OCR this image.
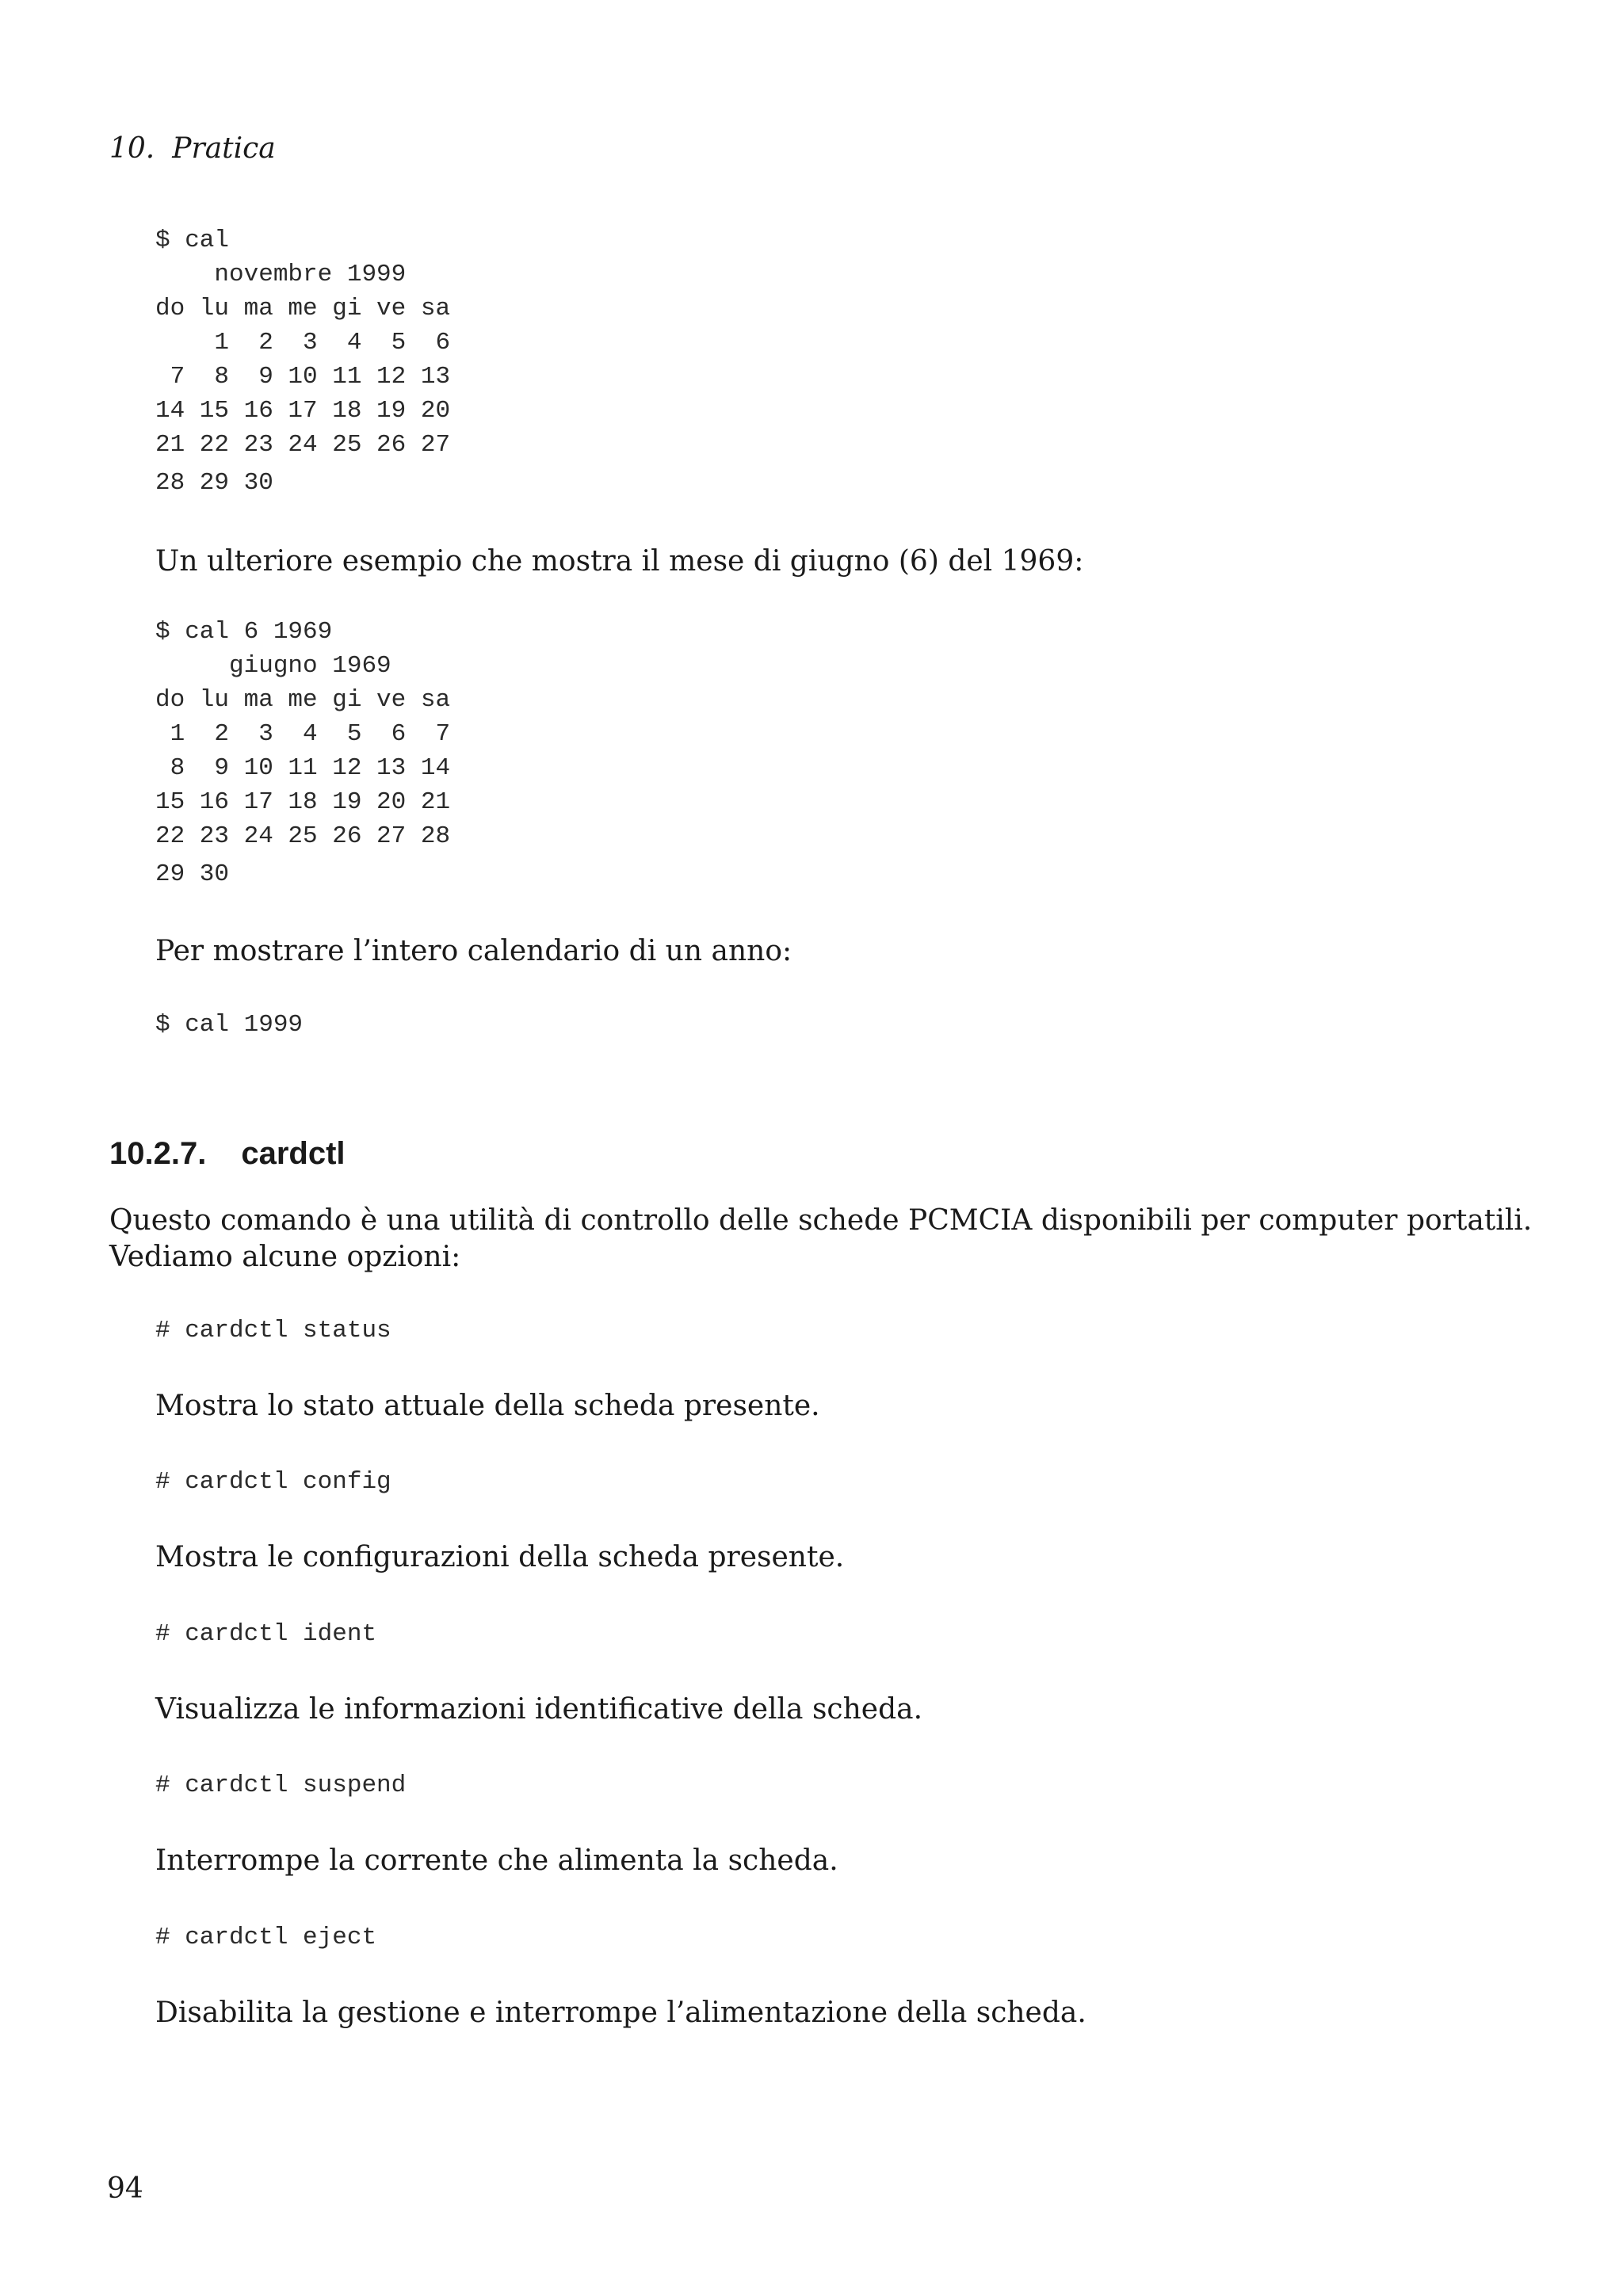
10. Pratica

$ cal
novembre 1999
do lu ma me gi ve sa
1  2  3  4  5  6
7  8  9 10 11 12 13
14 15 16 17 18 19 20
21 22 23 24 25 26 27
28 29 30

Un ulteriore esempio che mostra il mese di giugno (6) del 1969:

$ cal 6 1969
giugno 1969
do lu ma me gi ve sa
1  2  3  4  5  6  7
8  9 10 11 12 13 14
15 16 17 18 19 20 21
22 23 24 25 26 27 28
29 30

Per mostrare l’intero calendario di un anno:

$ cal 1999
10.2.7. cardctl

Questo comando è una utilità di controllo delle schede PCMCIA disponibili per computer portatili.
Vediamo alcune opzioni:

# cardctl status

Mostra lo stato attuale della scheda presente.

# cardctl config

Mostra le configurazioni della scheda presente.

# cardctl ident

Visualizza le informazioni identificative della scheda.

# cardctl suspend

Interrompe la corrente che alimenta la scheda.

# cardctl eject

Disabilita la gestione e interrompe l’alimentazione della scheda.

94
